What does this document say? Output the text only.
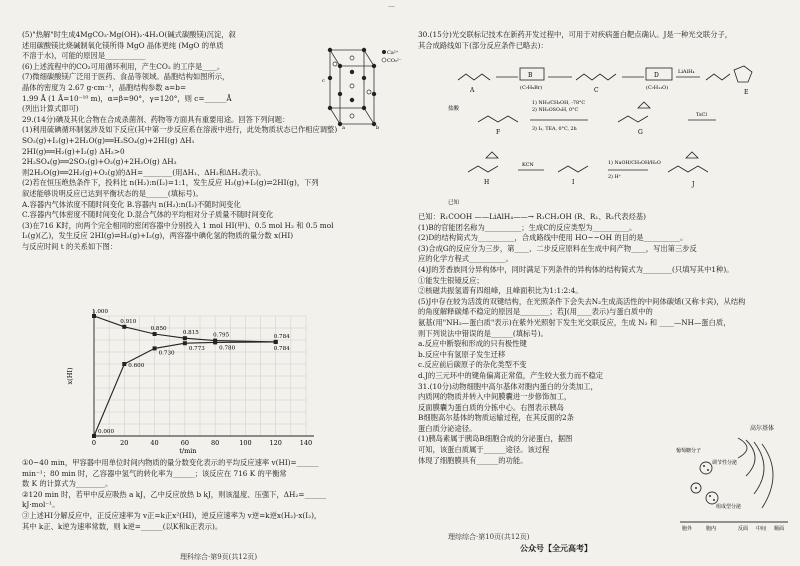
—
(5)"热解"时生成4MgCO₃·Mg(OH)₂·4H₂O(碱式碳酸镁)沉淀，叙
述用碳酸镁比烧碱制氧化镁所得 MgO 晶体更纯 (MgO 的单质
不溶于水)，可能的原因是___________
(6)上述流程中的CO₂可用循环利用，产生CO₂ 的工序是____。
(7)微细碳酸镁广泛用于医药、食品等领域。晶胞结构如图所示，
晶体的密度为 2.67 g·cm⁻³，晶胞结构参数 a=b=
1.99 Å (1 Å=10⁻¹⁰ m)，α=β=90°，γ=120°，则 c=______Å
(列出计算式即可)
29.(14分)碘及其化合物在合成杀菌剂、药物等方面具有重要用途。回答下列问题：
(1)利用硫碘循环制氢涉及如下反应(其中第一步反应系在溶液中进行，此处物质状态已作相应调整)
SO₂(g)+I₂(g)+2H₂O(g)══H₂SO₄(g)+2HI(g) ΔH₁
2HI(g)══H₂(g)+I₂(g) ΔH₂>0
2H₂SO₄(g)══2SO₂(g)+O₂(g)+2H₂O(g) ΔH₃
则2H₂O(g)══2H₂(g)+O₂(g)的ΔH=________(用ΔH₁、ΔH₂和ΔH₃表示)。
(2)若在恒压绝热条件下，投料比 n(H₂):n(I₂)=1:1，发生反应 H₂(g)+I₂(g)⇌2HI(g)，下列
叙述能够说明反应已达到平衡状态的是______(填标号)。
A.容器内气体浓度不随时间变化 B.容器内 n(H₂):n(I₂)不随时间变化
C.容器内气体密度不随时间变化 D.混合气体的平均相对分子质量不随时间变化
(3)在716 K时，向两个完全相同的密闭容器中分别投入 1 mol HI(甲)、0.5 mol H₂ 和 0.5 mol
I₂(g)(乙)，发生反应 2HI(g)⇌H₂(g)+I₂(g)，两容器中碘化氢的物质的量分数 x(HI)
与反应时间 t 的关系如下图：
Ca²⁺
CO₃²⁻
c
a	b
0	20	40	60	80	100	120	140
t/min
x(HI)
1.000
0.910
0.850
0.815	0.795	0.784
0.600
0.730
0.773	0.780	0.784
0.000
①0~40 min，甲容器中用单位时间内物质的量分数变化表示的平均反应速率 v(HI)=______
min⁻¹；80 min 时，乙容器中氢气的转化率为______；该反应在 716 K 的平衡常
数 K 的计算式为________。
②120 min 时，若甲中反应吸热 a kJ，乙中反应放热 b kJ，则该温度、压强下，ΔH₂=______
kJ·mol⁻¹。
③上述HI分解反应中，正反应速率为 v正=k正x²(HI)，逆反应速率为 v逆=k逆x(H₂)·x(I₂)，
其中 k正、k逆为速率常数，则 k逆=______(以K和k正表示)。
理科综合·第9页(共12页)
30.(15分)光交联标记技术在新药开发过程中，可用于对疾病蛋白靶点确认。J是一种光交联分子，
其合成路线如下(部分反应条件已略去)：
A
B
(C₇H₉Br)	C
D
(C₇H₁₁O)
LiAlH₄
E
盐酸
F
1) NH₃/CH₃OH, -78°C
2) NH₂OSO₃H, 0°C
3) I₂, TEA, 0°C, 2h	G
TsCl
H
KCN
I
1) NaOH/CH₃OH/H₂O
2) H⁺
J
已知
已知：R₁COOH ——LiAlH₄——→ R₁CH₂OH (R、R₁、R₂代表烃基)
(1)B的官能团名称为__________；生成C的反应类型为__________。
(2)D的结构简式为__________，合成路线中使用 HO~~OH 的目的是__________。
(3)合成G的反应分为三步，第____、二步反应原料在生成中间产物____，写出第三步反
应的化学方程式__________。
(4)J的芳香族同分异构体中，同时满足下列条件的异构体的结构简式为________(只填写其中1种)。
①能发生银镜反应；
②核磁共振氢谱有四组峰，且峰面积比为1:1:2:4。
(5)J中存在较为活泼的双键结构，在光照条件下会失去N₂生成高活性的中间体碳烯(又称卡宾)，从结构
的角度解释碳烯不稳定的原因是________；若J(用____表示)与蛋白质中的
氨基(用"NH₂—蛋白质"表示)在紫外光照射下发生光交联反应，生成 N₂ 和 ____—NH—蛋白质，
则下列说法中错误的是______(填标号)。
a.反应中断裂和形成的只有极性键
b.反应中有氢原子发生迁移
c.反应前后碳原子的杂化类型不变
d.J的三元环中的键角偏离正常值，产生较大张力而不稳定
31.(10分)动物细胞中高尔基体对胞内蛋白的分类加工，
内质网的物质并转入中间膜囊进一步修饰加工，
反面膜囊为蛋白质的分拣中心。右图表示胰岛
B细胞高尔基体的物质运输过程，在其反面的2条
蛋白质分泌途径。
(1)胰岛素属于胰岛B细胞合成的分泌蛋白，据图
可知，该蛋白质属于______途径。该过程
体现了细胞膜具有______的功能。
高尔基体
葡萄糖分子
调节性分泌
组成型分泌
胞外	胞内	反面 中间 顺面
理综综合·第10页(共12页)
公众号【全元高考】
